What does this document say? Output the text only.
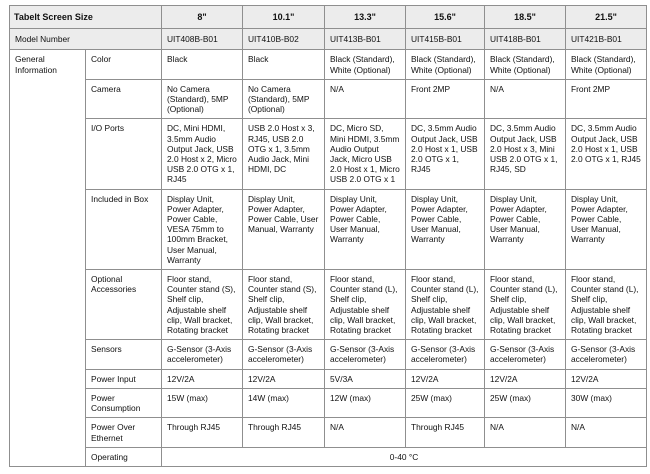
Tabelt Screen Size		8"	10.1"	13.3"	15.6"	18.5"	21.5"
Model Number		UIT408B-B01	UIT410B-B02	UIT413B-B01	UIT415B-B01	UIT418B-B01	UIT421B-B01
General Information	Color	Black	Black	Black (Standard), White (Optional)	Black (Standard), White (Optional)	Black (Standard), White (Optional)	Black (Standard), White (Optional)
	Camera	No Camera (Standard), 5MP (Optional)	No Camera (Standard), 5MP (Optional)	N/A	Front 2MP	N/A	Front 2MP
	I/O Ports	DC, Mini HDMI, 3.5mm Audio Output Jack, USB 2.0 Host x 2, Micro USB 2.0 OTG x 1, RJ45	USB 2.0 Host x 3, RJ45, USB 2.0 OTG x 1, 3.5mm Audio Jack, Mini HDMI, DC	DC, Micro SD, Mini HDMI, 3.5mm Audio Output Jack, Micro USB 2.0 Host x 1, Micro USB 2.0 OTG x 1	DC, 3.5mm Audio Output Jack, USB 2.0 Host x 1, USB 2.0 OTG x 1, RJ45	DC, 3.5mm Audio Output Jack, USB 2.0 Host x 3, Mini USB 2.0 OTG x 1, RJ45, SD	DC, 3.5mm Audio Output Jack, USB 2.0 Host x 1, USB 2.0 OTG x 1, RJ45
	Included in Box	Display Unit, Power Adapter, Power Cable, VESA 75mm to 100mm Bracket, User Manual, Warranty	Display Unit, Power Adapter, Power Cable, User Manual, Warranty	Display Unit, Power Adapter, Power Cable, User Manual, Warranty	Display Unit, Power Adapter, Power Cable, User Manual, Warranty	Display Unit, Power Adapter, Power Cable, User Manual, Warranty	Display Unit, Power Adapter, Power Cable, User Manual, Warranty
	Optional Accessories	Floor stand, Counter stand (S), Shelf clip, Adjustable shelf clip, Wall bracket, Rotating bracket	Floor stand, Counter stand (S), Shelf clip, Adjustable shelf clip, Wall bracket, Rotating bracket	Floor stand, Counter stand (L), Shelf clip, Adjustable shelf clip, Wall bracket, Rotating bracket	Floor stand, Counter stand (L), Shelf clip, Adjustable shelf clip, Wall bracket, Rotating bracket	Floor stand, Counter stand (L), Shelf clip, Adjustable shelf clip, Wall bracket, Rotating bracket	Floor stand, Counter stand (L), Shelf clip, Adjustable shelf clip, Wall bracket, Rotating bracket
	Sensors	G-Sensor (3-Axis accelerometer)	G-Sensor (3-Axis accelerometer)	G-Sensor (3-Axis accelerometer)	G-Sensor (3-Axis accelerometer)	G-Sensor (3-Axis accelerometer)	G-Sensor (3-Axis accelerometer)
	Power Input	12V/2A	12V/2A	5V/3A	12V/2A	12V/2A	12V/2A
	Power Consumption	15W (max)	14W (max)	12W (max)	25W (max)	25W (max)	30W (max)
	Power Over Ethernet	Through RJ45	Through RJ45	N/A	Through RJ45	N/A	N/A
	Operating	0-40 °C					
